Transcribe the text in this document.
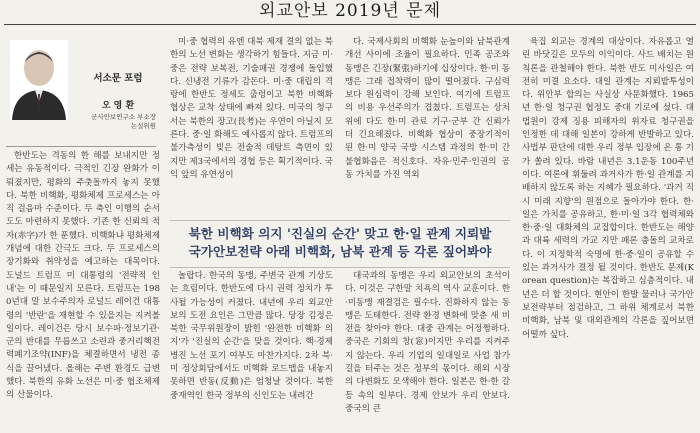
외교안보 2019년 문제
서소문 포럼
오 영 환
군사안보연구소 부소장
논설위원

한반도는 격동의 한 해를 보내지만 정세는 유동적이다. 극적인 긴장 완화가 이뤄졌지만, 평화의 주춧돌까지 놓지 못했다. 북한 비핵화, 평화체제 프로세스는 아직 걸음마 수준이다. 두 축인 이행의 순서도도 마련하지 못했다. 기존 한 신뢰의 적자(赤字)가 한 푼했다. 비핵화냐 평화체제개념에 대한 간극도 크다. 두 프로세스의 장기화와 취약성을 예고하는 대목이다. 도널드 트럼프 미 대통령의 '전략적 인내'는 이 때문일지 모른다. 트럼프는 1980년대 말 보수주의자 로널드 레이건 대통령의 '반란'을 재현할 수 있을지는 지켜볼 일이다. 레이건은 당시 보수파·정보기관·군의 반대를 무릅쓰고 소련과 중거리핵전력폐기조약(INF)을 체결하면서 냉전 종식을 끌어냈다. 올해는 주변 환경도 급변했다. 북한의 유화 노선은 미·중 협조체제의 산물이다.

미·중 협력의 유엔 대북 제재 결의 없는 북한의 노선 변화는 생각하기 힘들다. 지금 미·중은 전략 보복전, 기술패권 경쟁에 돌입했다. 신냉전 기류가 감돈다. 미·중 대립의 격랑에 한반도 정세도 출렁이고 북한 비핵화 협상은 교착 상태에 빠져 있다. 미국의 청구서는 북한의 장고(長考)는 우연이 아닐지 모른다. 중·일 화해도 예사롭지 않다. 트럼프의 불가측성이 빚은 전술적 데탕트 측면이 있지만 제3국에서의 경협 등은 획기적이다. 국익 앞의 유연성이

다. 국제사회의 비핵화 눈높이와 남북관계 개선 사이에 조율이 필요하다. 민족 공조와 동맹은 긴장(緊張)하기에 십상이다. 한·미 동맹은 그래 접착력이 많이 떨어졌다. 구심력보다 원심력이 강해 보인다. 여기에 트럼프의 비용 우선주의가 겹쳤다. 트럼프는 상처 위에 다도 한·미 관료 기구·군부 간 신뢰가 더 긴요해졌다. 비핵화 협상이 중장기적이 된 한·미 양국 국방 시스템 과정의 한·미 간 불협화음은 적신호다. 자유·민주·인권의 공동 가치를 가진 역외

북한 비핵화 의지 '진실의 순간' 맞고 한·일 관계 지뢰밭
국가안보전략 아래 비핵화, 남북 관계 등 각론 짚어봐야

놀랍다. 한국의 동맹, 주변국 관계 기상도는 흐림이다. 한반도에 다시 권력 정치가 투사될 가능성이 커졌다. 내년에 우리 외교안보의 도전 요인은 그만큼 많다. 당장 김정은 북한 국무위원장이 밝힌 '완전한 비핵화 의지'가 '진실의 순간'을 맞을 것이다. 핵·경제 병진 노선 포기 여부도 마찬가지다. 2차 북·미 정상회담에서도 비핵화 로드맵을 내놓지 못하면 반동(反動)은 엄청날 것이다. 북한 중재역인 한국 정부의 신인도는 내려간

대국과의 동맹은 우리 외교안보의 초석이다. 이것은 구한말 치욕의 역사 교훈이다. 한·미동맹 재결검은 필수다. 진화하지 않는 동맹은 도태한다. 전략 환경 변화에 맞춘 새 비전을 찾아야 한다. 대중 관계는 어정쩡하다. 중국은 기회의 창(窓)이지만 우리를 지켜주지 않는다. 우리 기업의 일대일로 사업 참가 길을 터주는 것은 정부의 몫이다. 해외 시장의 다변화도 모색해야 한다. 일본은 한·한 갈등 속의 일부다. 경제 안보가 우리 안보다. 중국의 큰

육집 외교는 경계의 대상이다. 자유롭고 열린 바닷길은 모두의 이익이다. 사드 배치는 원칙론을 관철해야 한다. 북한 반도 미사일은 여전히 미결 요소다. 대일 관계는 지뢰밭투성이다. 위안부 합의는 사실상 사문화했다. 1965년 한·일 청구권 협정도 중대 기로에 섰다. 대법원이 강제 징용 피해자의 위자료 청구권을 인정한 데 대해 일본이 강하게 반발하고 있다. 사법부 판단에 대한 우리 정부 입장에 온 통 기가 쏠려 있다. 바람 내년은 3.1운동 100주년이다. 여론에 휘둘려 과거사가 한·일 관계를 지배하지 않도록 하는 지혜가 필요하다. '과거 직시 미래 지향'의 원점으로 돌아가야 한다. 한·일은 가치를 공유하고, 한·미·일 3각 협력체와 한·중·일 대화체의 교집합이다. 한반도는 해양과 대륙 세력의 가교 지만 패론 충돌의 교차로다. 이 지정학적 숙명에 한·중·일이 공유할 수 있는 과거사가 결정 될 것이다. 한반도 문제(Korean question)는 복잡하고 심층적이다. 내년은 더 할 것이다. 현안이 한발 물러나 국가안보전략부터 점검하고, 그 하위 체계로서 북한 비핵화, 남북 및 대외관계의 각론을 짚어보면 어떨까 싶다.
